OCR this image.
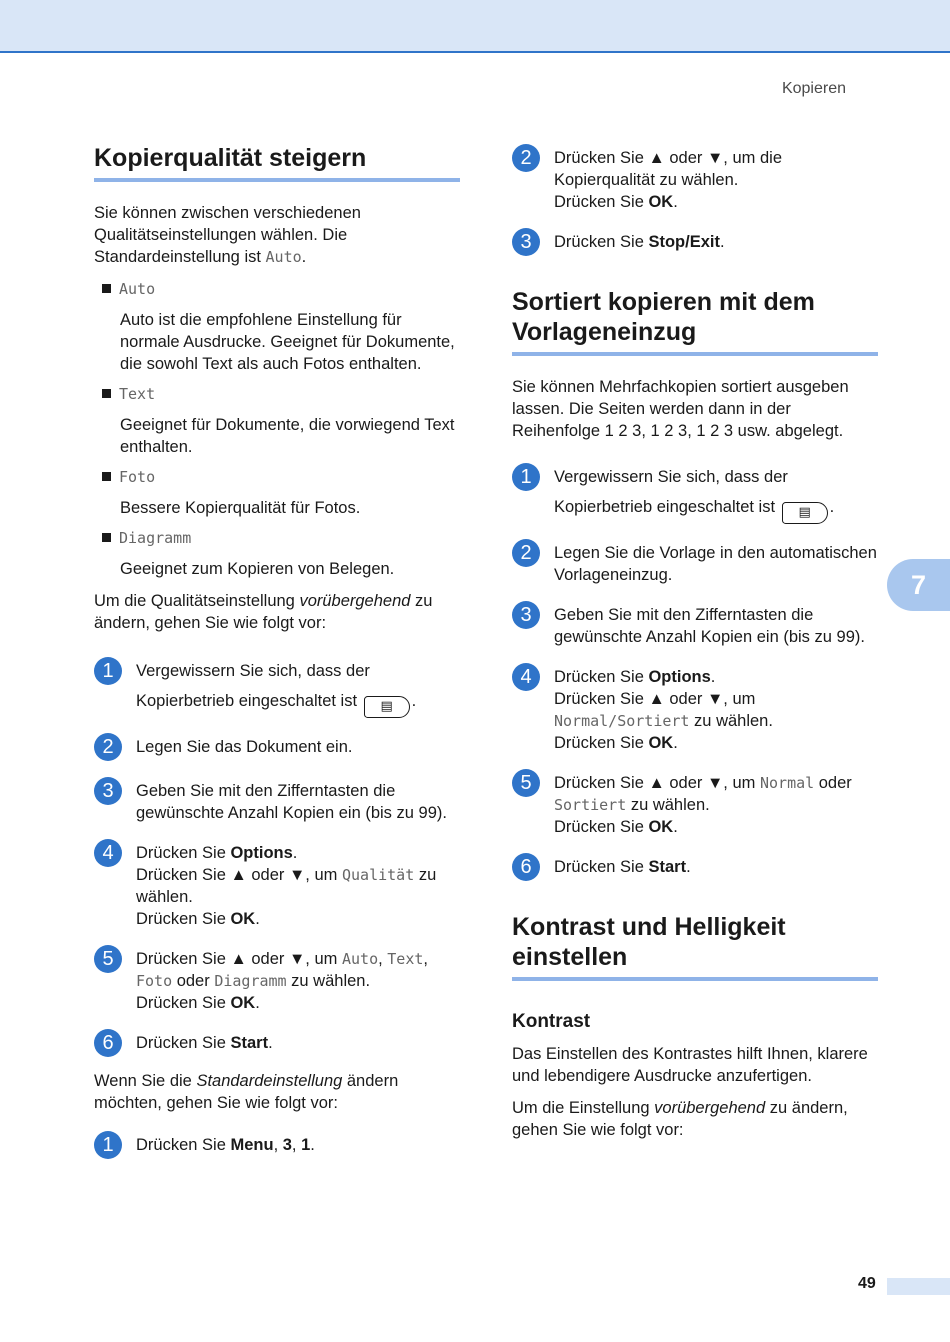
Kopieren
7
49
Kopierqualität steigern

Sie können zwischen verschiedenen Qualitätseinstellungen wählen. Die Standardeinstellung ist Auto.

Auto
Auto ist die empfohlene Einstellung für normale Ausdrucke. Geeignet für Dokumente, die sowohl Text als auch Fotos enthalten.
Text
Geeignet für Dokumente, die vorwiegend Text enthalten.
Foto
Bessere Kopierqualität für Fotos.
Diagramm
Geeignet zum Kopieren von Belegen.

Um die Qualitätseinstellung vorübergehend zu ändern, gehen Sie wie folgt vor:

1	Vergewissern Sie sich, dass der
Kopierbetrieb eingeschaltet ist ▤ .
2	Legen Sie das Dokument ein.
3	Geben Sie mit den Zifferntasten die gewünschte Anzahl Kopien ein (bis zu 99).
4	Drücken Sie Options.
Drücken Sie ▲ oder ▼, um Qualität zu wählen.
Drücken Sie OK.
5	Drücken Sie ▲ oder ▼, um Auto, Text, Foto oder Diagramm zu wählen.
Drücken Sie OK.
6	Drücken Sie Start.

Wenn Sie die Standardeinstellung ändern möchten, gehen Sie wie folgt vor:

1	Drücken Sie Menu, 3, 1.
2	Drücken Sie ▲ oder ▼, um die Kopierqualität zu wählen.
Drücken Sie OK.
3	Drücken Sie Stop/Exit.
Sortiert kopieren mit dem Vorlageneinzug

Sie können Mehrfachkopien sortiert ausgeben lassen. Die Seiten werden dann in der Reihenfolge 1 2 3, 1 2 3, 1 2 3 usw. abgelegt.

1	Vergewissern Sie sich, dass der
Kopierbetrieb eingeschaltet ist ▤ .
2	Legen Sie die Vorlage in den automatischen Vorlageneinzug.
3	Geben Sie mit den Zifferntasten die gewünschte Anzahl Kopien ein (bis zu 99).
4	Drücken Sie Options.
Drücken Sie ▲ oder ▼, um
Normal/Sortiert zu wählen.
Drücken Sie OK.
5	Drücken Sie ▲ oder ▼, um Normal oder
Sortiert zu wählen.
Drücken Sie OK.
6	Drücken Sie Start.
Kontrast und Helligkeit einstellen
Kontrast

Das Einstellen des Kontrastes hilft Ihnen, klarere und lebendigere Ausdrucke anzufertigen.

Um die Einstellung vorübergehend zu ändern, gehen Sie wie folgt vor:
